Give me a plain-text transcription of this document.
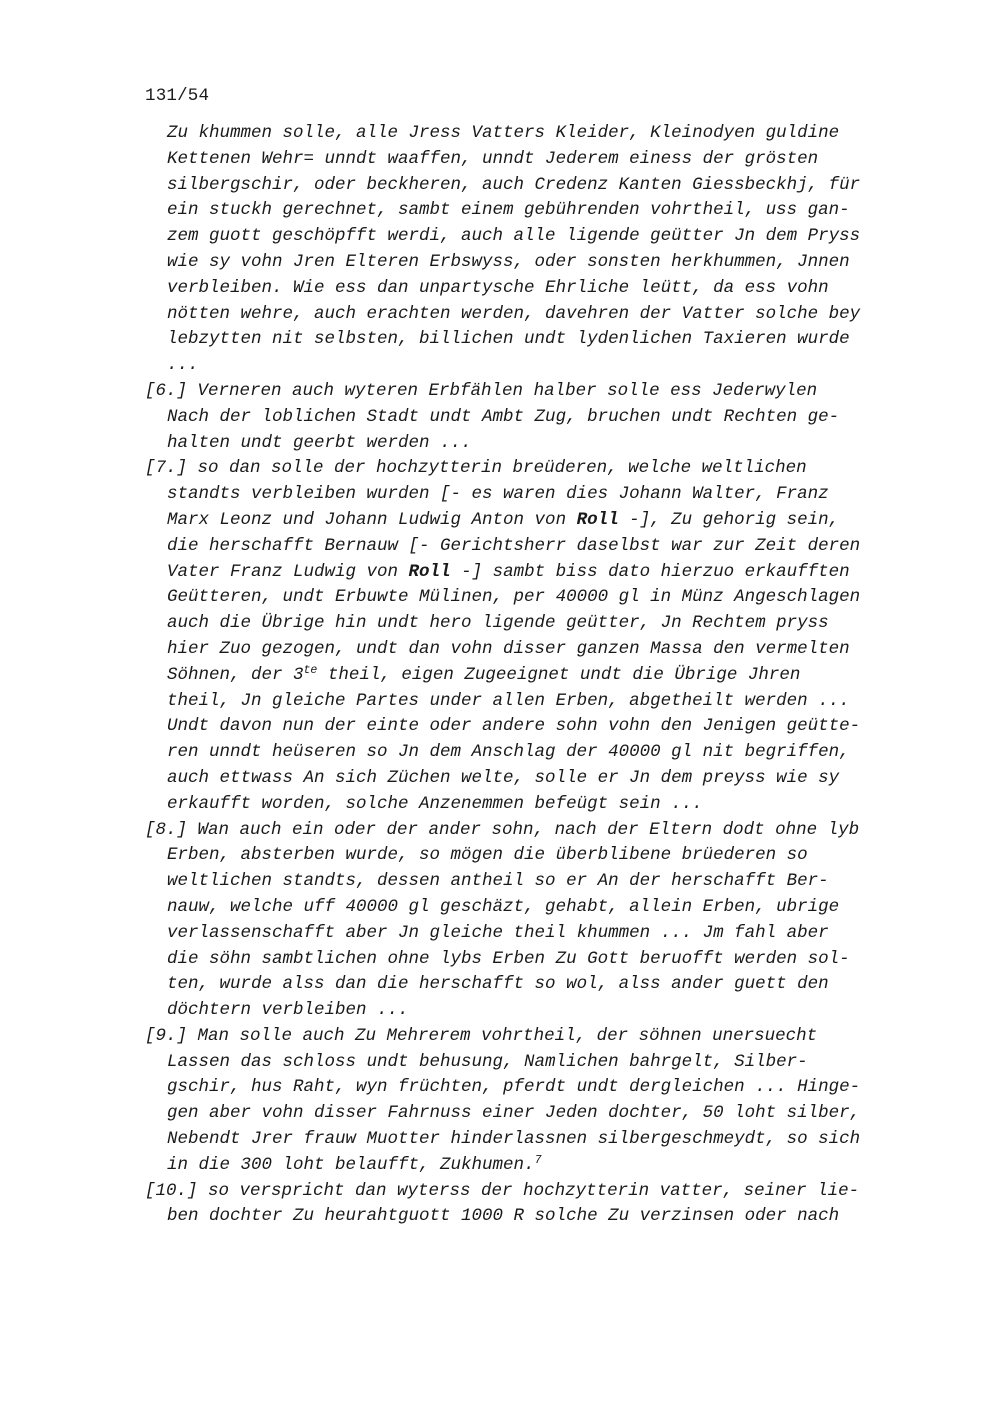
131/54
Zu khummen solle, alle Jress Vatters Kleider, Kleinodyen guldine
Kettenen Wehr= unndt waaffen, unndt Jederem einess der grösten
silbergschir, oder beckheren, auch Credenz Kanten Giessbeckhj, für
ein stuckh gerechnet, sambt einem gebührenden vohrtheil, uss gan-
zem guott geschöpfft werdi, auch alle ligende geütter Jn dem Pryss
wie sy vohn Jren Elteren Erbswyss, oder sonsten herkhummen, Jnnen
verbleiben. Wie ess dan unpartysche Ehrliche leütt, da ess vohn
nötten wehre, auch erachten werden, davehren der Vatter solche bey
lebzytten nit selbsten, billichen undt lydenlichen Taxieren wurde
...
[6.] Verneren auch wyteren Erbfählen halber solle ess Jederwylen
Nach der loblichen Stadt undt Ambt Zug, bruchen undt Rechten ge-
halten undt geerbt werden ...
[7.] so dan solle der hochzytterin breüderen, welche weltlichen
standts verbleiben wurden [- es waren dies Johann Walter, Franz
Marx Leonz und Johann Ludwig Anton von Roll -], Zu gehorig sein,
die herschafft Bernauw [- Gerichtsherr daselbst war zur Zeit deren
Vater Franz Ludwig von Roll -] sambt biss dato hierzuo erkaufften
Geütteren, undt Erbuwte Mülinen, per 40000 gl in Münz Angeschlagen
auch die Übrige hin undt hero ligende geütter, Jn Rechtem pryss
hier Zuo gezogen, undt dan vohn disser ganzen Massa den vermelten
Söhnen, der $3^{te}$ theil, eigen Zugeeignet undt die Übrige Jhren
theil, Jn gleiche Partes under allen Erben, abgetheilt werden ...
Undt davon nun der einte oder andere sohn vohn den Jenigen geütte-
ren unndt heüseren so Jn dem Anschlag der 40000 gl nit begriffen,
auch ettwass An sich Züchen welte, solle er Jn dem preyss wie sy
erkaufft worden, solche Anzenemmen befeügt sein ...
[8.] Wan auch ein oder der ander sohn, nach der Eltern dodt ohne lyb
Erben, absterben wurde, so mögen die überblibene brüederen so
weltlichen standts, dessen antheil so er An der herschafft Ber-
nauw, welche uff 40000 gl geschäzt, gehabt, allein Erben, ubrige
verlassenschafft aber Jn gleiche theil khummen ... Jm fahl aber
die söhn sambtlichen ohne lybs Erben Zu Gott beruofft werden sol-
ten, wurde alss dan die herschafft so wol, alss ander guett den
döchtern verbleiben ...
[9.] Man solle auch Zu Mehrerem vohrtheil, der söhnen unersuecht
Lassen das schloss undt behusung, Namlichen bahrgelt, Silber-
gschir, hus Raht, wyn früchten, pferdt undt dergleichen ... Hinge-
gen aber vohn disser Fahrnuss einer Jeden dochter, 50 loht silber,
Nebendt Jrer frauw Muotter hinderlassnen silbergeschmeydt, so sich
in die 300 loht belaufft, Zukhumen.$^7$
[10.] so verspricht dan wyterss der hochzytterin vatter, seiner lie-
ben dochter Zu heurahtguott 1000 R solche Zu verzinsen oder nach
